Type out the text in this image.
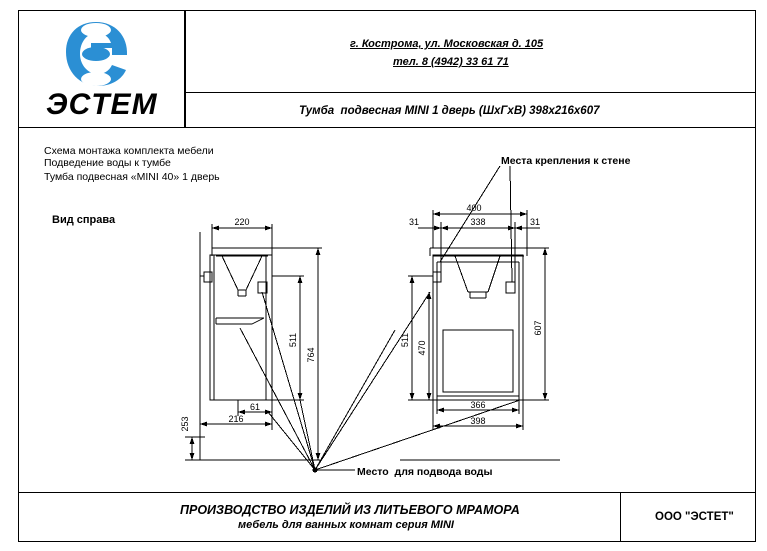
ЭСTЕM
г. Кострома, ул. Московская д. 105
тел. 8 (4942) 33 61 71
Тумба  подвесная MINI 1 дверь (ШхГхВ) 398х216х607
Схема монтажа комплекта мебели
Подведение воды к тумбе
Тумба подвесная «MINI 40» 1 дверь
Вид справа
Места крепления к стене
Место  для подвода воды
ПРОИЗВОДСТВО ИЗДЕЛИЙ ИЗ ЛИТЬЕВОГО МРАМОРА
мебель для ванных комнат серия MINI
ООО "ЭСТЕТ"
220
400
338
31	31
366
398
216
61
511
764
253
511
470
607
